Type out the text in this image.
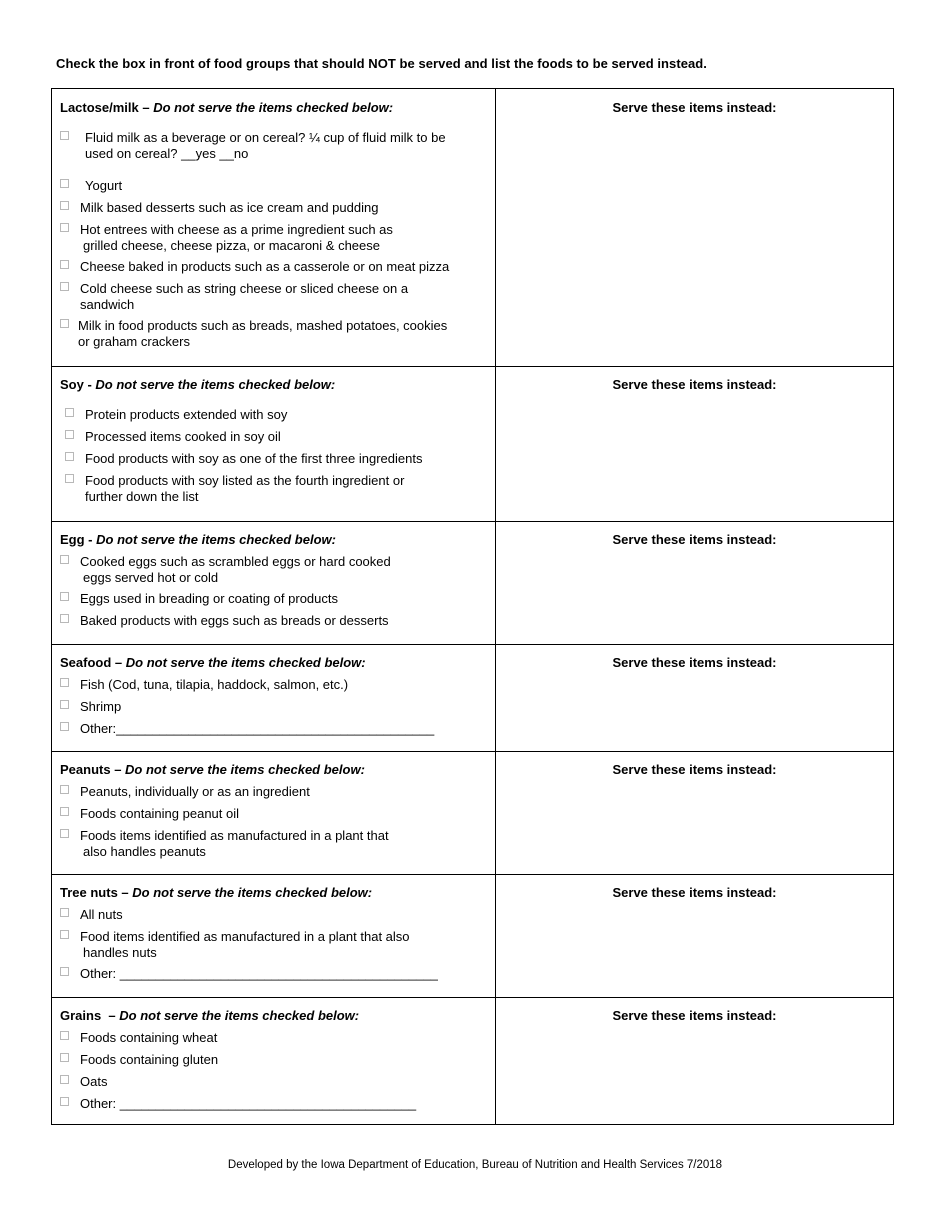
Check the box in front of food groups that should NOT be served and list the foods to be served instead.
Lactose/milk – Do not serve the items checked below:
Fluid milk as a beverage or on cereal? ¼ cup of fluid milk to be
used on cereal? __yes __no
Yogurt
Milk based desserts such as ice cream and pudding
Hot entrees with cheese as a prime ingredient such as
grilled cheese, cheese pizza, or macaroni & cheese
Cheese baked in products such as a casserole or on meat pizza
Cold cheese such as string cheese or sliced cheese on a
sandwich
Milk in food products such as breads, mashed potatoes, cookies
or graham crackers
Serve these items instead:
Soy - Do not serve the items checked below:
Protein products extended with soy
Processed items cooked in soy oil
Food products with soy as one of the first three ingredients
Food products with soy listed as the fourth ingredient or
further down the list
Serve these items instead:
Egg - Do not serve the items checked below:
Cooked eggs such as scrambled eggs or hard cooked
eggs served hot or cold
Eggs used in breading or coating of products
Baked products with eggs such as breads or desserts
Serve these items instead:
Seafood – Do not serve the items checked below:
Fish (Cod, tuna, tilapia, haddock, salmon, etc.)
Shrimp
Other:____________________________________________
Serve these items instead:
Peanuts – Do not serve the items checked below:
Peanuts, individually or as an ingredient
Foods containing peanut oil
Foods items identified as manufactured in a plant that
also handles peanuts
Serve these items instead:
Tree nuts – Do not serve the items checked below:
All nuts
Food items identified as manufactured in a plant that also
handles nuts
Other: ____________________________________________
Serve these items instead:
Grains  – Do not serve the items checked below:
Foods containing wheat
Foods containing gluten
Oats
Other: _________________________________________
Serve these items instead:
Developed by the Iowa Department of Education, Bureau of Nutrition and Health Services 7/2018
